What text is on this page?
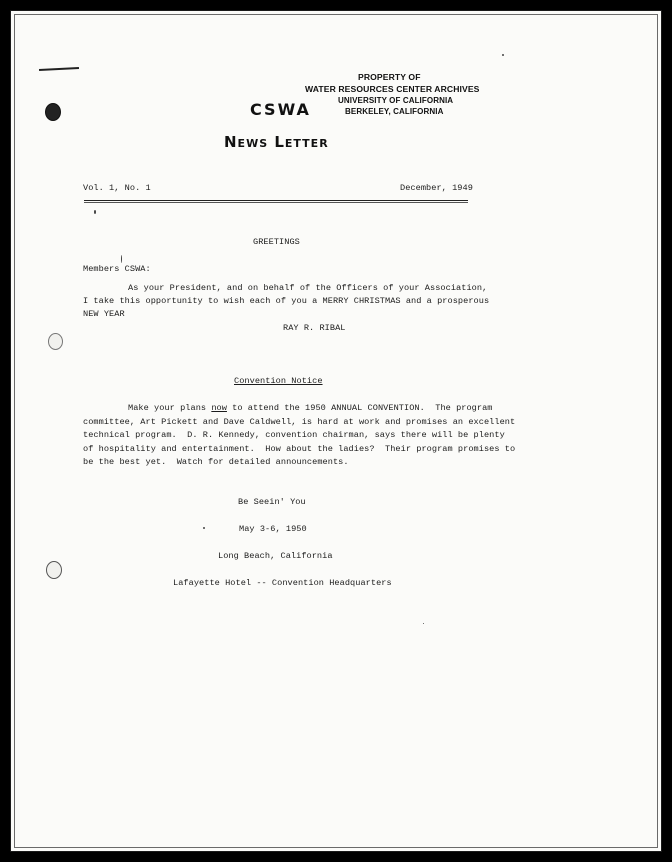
PROPERTY OF
WATER RESOURCES CENTER ARCHIVES
UNIVERSITY OF CALIFORNIA
BERKELEY, CALIFORNIA
CSWA
News Letter
Vol. 1, No. 1	December, 1949
GREETINGS
Members CSWA:
As your President, and on behalf of the Officers of your Association,
I take this opportunity to wish each of you a MERRY CHRISTMAS and a prosperous
NEW YEAR
RAY R. RIBAL
Convention Notice
Make your plans now to attend the 1950 ANNUAL CONVENTION.  The program
committee, Art Pickett and Dave Caldwell, is hard at work and promises an excellent
technical program.  D. R. Kennedy, convention chairman, says there will be plenty
of hospitality and entertainment.  How about the ladies?  Their program promises to
be the best yet.  Watch for detailed announcements.
Be Seein' You
May 3-6, 1950
Long Beach, California
Lafayette Hotel -- Convention Headquarters
